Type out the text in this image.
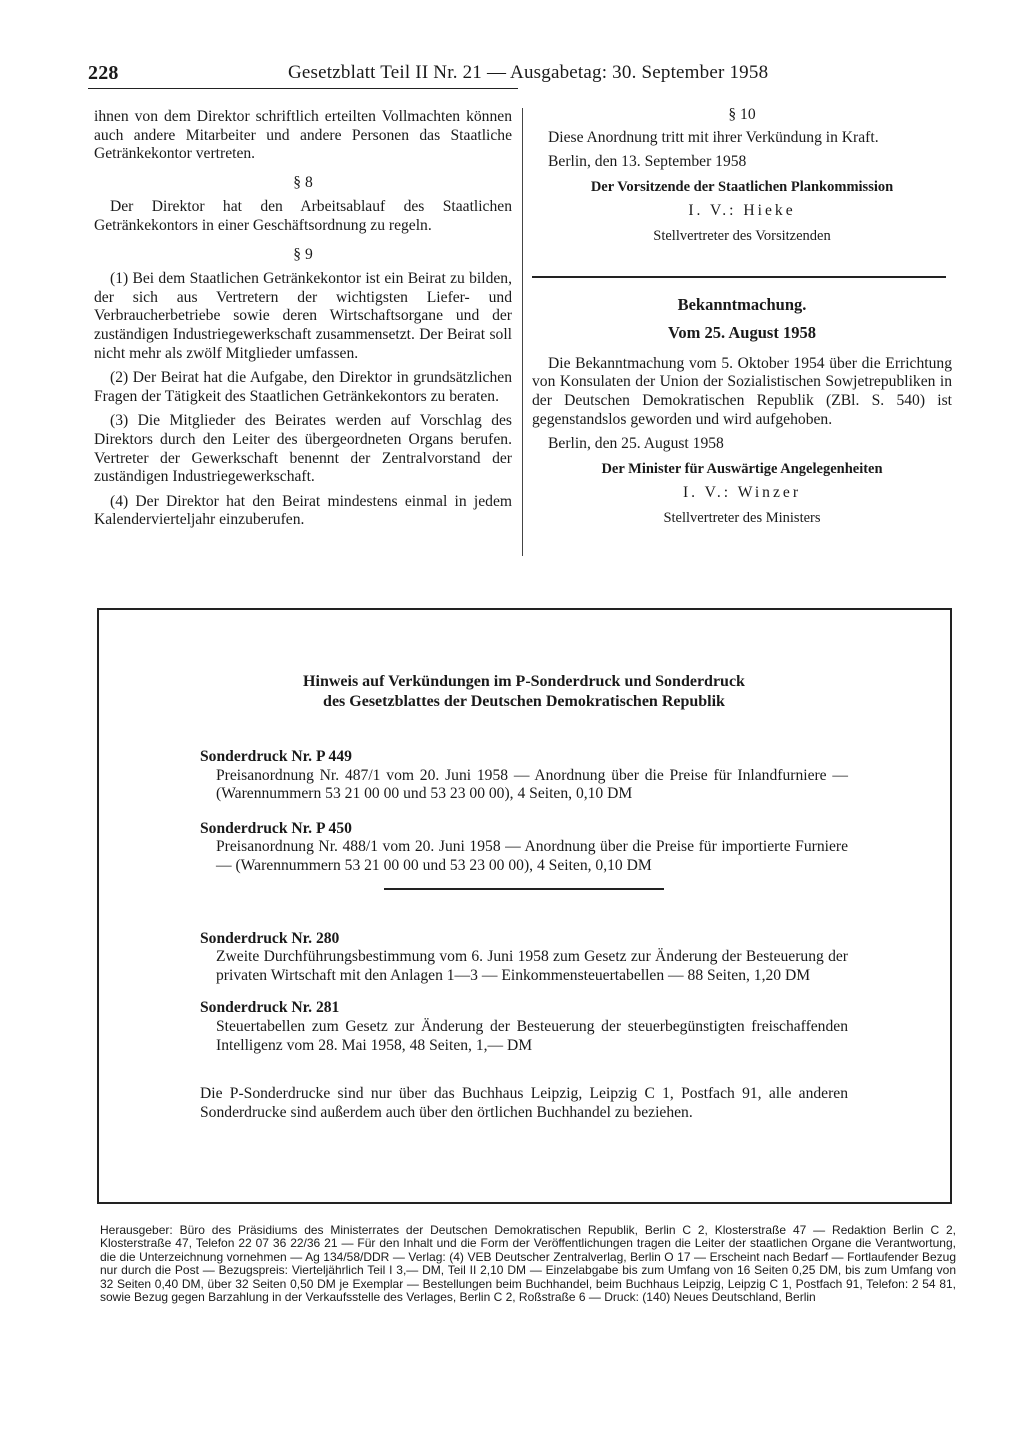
228	Gesetzblatt Teil II Nr. 21 — Ausgabetag: 30. September 1958

ihnen von dem Direktor schriftlich erteilten Vollmachten können auch andere Mitarbeiter und andere Personen das Staatliche Getränkekontor vertreten.

§ 8

Der Direktor hat den Arbeitsablauf des Staatlichen Getränkekontors in einer Geschäftsordnung zu regeln.

§ 9

(1) Bei dem Staatlichen Getränkekontor ist ein Beirat zu bilden, der sich aus Vertretern der wichtigsten Liefer- und Verbraucherbetriebe sowie deren Wirtschaftsorgane und der zuständigen Industriegewerkschaft zusammensetzt. Der Beirat soll nicht mehr als zwölf Mitglieder umfassen.

(2) Der Beirat hat die Aufgabe, den Direktor in grundsätzlichen Fragen der Tätigkeit des Staatlichen Getränkekontors zu beraten.

(3) Die Mitglieder des Beirates werden auf Vorschlag des Direktors durch den Leiter des übergeordneten Organs berufen. Vertreter der Gewerkschaft benennt der Zentralvorstand der zuständigen Industriegewerkschaft.

(4) Der Direktor hat den Beirat mindestens einmal in jedem Kalendervierteljahr einzuberufen.

§ 10

Diese Anordnung tritt mit ihrer Verkündung in Kraft.

Berlin, den 13. September 1958

Der Vorsitzende der Staatlichen Plankommission

I. V.: Hieke

Stellvertreter des Vorsitzenden

Bekanntmachung.

Vom 25. August 1958

Die Bekanntmachung vom 5. Oktober 1954 über die Errichtung von Konsulaten der Union der Sozialistischen Sowjetrepubliken in der Deutschen Demokratischen Republik (ZBl. S. 540) ist gegenstandslos geworden und wird aufgehoben.

Berlin, den 25. August 1958

Der Minister für Auswärtige Angelegenheiten

I. V.: Winzer

Stellvertreter des Ministers

Hinweis auf Verkündungen im P-Sonderdruck und Sonderdruck

des Gesetzblattes der Deutschen Demokratischen Republik

Sonderdruck Nr. P 449

Preisanordnung Nr. 487/1 vom 20. Juni 1958 — Anordnung über die Preise für Inlandfurniere — (Warennummern 53 21 00 00 und 53 23 00 00), 4 Seiten, 0,10 DM

Sonderdruck Nr. P 450

Preisanordnung Nr. 488/1 vom 20. Juni 1958 — Anordnung über die Preise für importierte Furniere — (Warennummern 53 21 00 00 und 53 23 00 00), 4 Seiten, 0,10 DM

Sonderdruck Nr. 280

Zweite Durchführungsbestimmung vom 6. Juni 1958 zum Gesetz zur Änderung der Besteuerung der privaten Wirtschaft mit den Anlagen 1—3 — Einkommensteuertabellen — 88 Seiten, 1,20 DM

Sonderdruck Nr. 281

Steuertabellen zum Gesetz zur Änderung der Besteuerung der steuerbegünstigten freischaffenden Intelligenz vom 28. Mai 1958, 48 Seiten, 1,— DM

Die P-Sonderdrucke sind nur über das Buchhaus Leipzig, Leipzig C 1, Postfach 91, alle anderen Sonderdrucke sind außerdem auch über den örtlichen Buchhandel zu beziehen.

Herausgeber: Büro des Präsidiums des Ministerrates der Deutschen Demokratischen Republik, Berlin C 2, Klosterstraße 47 — Redaktion Berlin C 2, Klosterstraße 47, Telefon 22 07 36 22/36 21 — Für den Inhalt und die Form der Veröffentlichungen tragen die Leiter der staatlichen Organe die Verantwortung, die die Unterzeichnung vornehmen — Ag 134/58/DDR — Verlag: (4) VEB Deutscher Zentralverlag, Berlin O 17 — Erscheint nach Bedarf — Fortlaufender Bezug nur durch die Post — Bezugspreis: Vierteljährlich Teil I 3,— DM, Teil II 2,10 DM — Einzelabgabe bis zum Umfang von 16 Seiten 0,25 DM, bis zum Umfang von 32 Seiten 0,40 DM, über 32 Seiten 0,50 DM je Exemplar — Bestellungen beim Buchhandel, beim Buchhaus Leipzig, Leipzig C 1, Postfach 91, Telefon: 2 54 81, sowie Bezug gegen Barzahlung in der Verkaufsstelle des Verlages, Berlin C 2, Roßstraße 6 — Druck: (140) Neues Deutschland, Berlin
